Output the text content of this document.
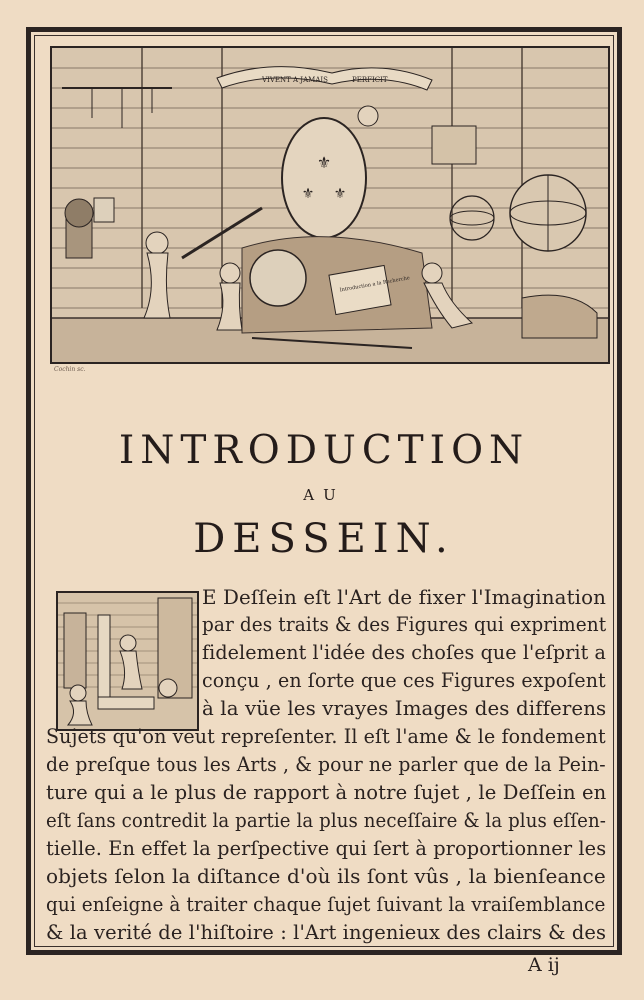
⚜
⚜ ⚜
VIVENT A JAMAIS	PERFICIT
Introduction a la Recherche
Cochin sc.
INTRODUCTION
AU
DESSEIN.
E Deſſein eſt l'Art de fixer l'Imagination
par des traits & des Figures qui expriment
fidelement l'idée des choſes que l'eſprit a
conçu , en ſorte que ces Figures expoſent
à la vüe les vrayes Images des differens
Sujets qu'on veut repreſenter. Il eſt l'ame & le fondement
de preſque tous les Arts , & pour ne parler que de la Pein-
ture qui a le plus de rapport à notre ſujet , le Deſſein en
eſt ſans contredit la partie la plus neceſſaire & la plus eſſen-
tielle. En effet la perſpective qui ſert à proportionner les
objets ſelon la diſtance d'où ils ſont vûs , la bienſeance
qui enſeigne à traiter chaque ſujet ſuivant la vraiſemblance
& la verité de l'hiſtoire : l'Art ingenieux des clairs & des
A ij
